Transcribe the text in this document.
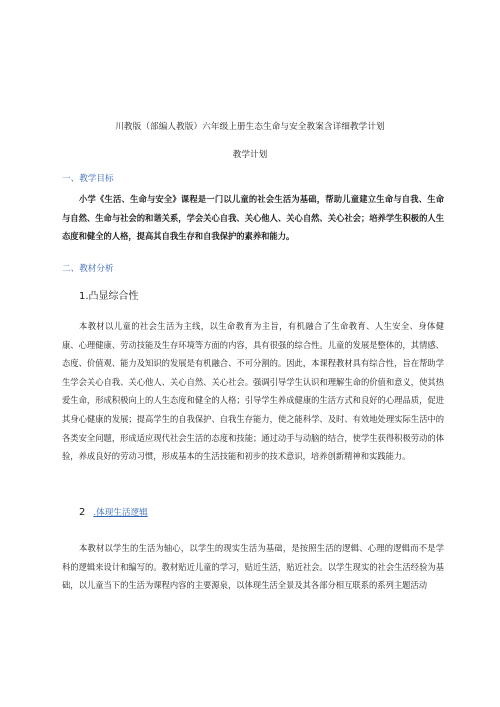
川教版（部编人教版）六年级上册生态生命与安全教案含详细教学计划
教学计划
一、教学目标

小学《生活、生命与安全》课程是一门以儿童的社会生活为基础，帮助儿童建立生命与自我、生命与自然、生命与社会的和谐关系，学会关心自我、关心他人、关心自然、关心社会；培养学生积极的人生态度和健全的人格，提高其自我生存和自我保护的素养和能力。

二、教材分析
1.凸显综合性

本教材以儿童的社会生活为主线，以生命教育为主旨，有机融合了生命教育、人生安全、身体健康、心理健康、劳动技能及生存环境等方面的内容，具有很强的综合性。儿童的发展是整体的，其情感、态度、价值观、能力及知识的发展是有机融合、不可分割的。因此，本课程教材具有综合性，旨在帮助学生学会关心自我、关心他人、关心自然、关心社会。强调引导学生认识和理解生命的价值和意义，使其热爱生命，形成积极向上的人生态度和健全的人格；引导学生养成健康的生活方式和良好的心理品质，促进其身心健康的发展；提高学生的自我保护、自我生存能力，使之能科学、及时、有效地处理实际生活中的各类安全问题，形成适应现代社会生活的态度和技能；通过动手与动脑的结合，使学生获得积极劳动的体验，养成良好的劳动习惯，形成基本的生活技能和初步的技术意识，培养创新精神和实践能力。

2 .体现生活逻辑

本教材以学生的生活为轴心，以学生的现实生活为基础，是按照生活的逻辑、心理的逻辑而不是学科的逻辑来设计和编写的。教材贴近儿童的学习，贴近生活，贴近社会。以学生现实的社会生活经验为基础，以儿童当下的生活为课程内容的主要源泉，以体现生活全景及其各部分相互联系的系列主题活动
